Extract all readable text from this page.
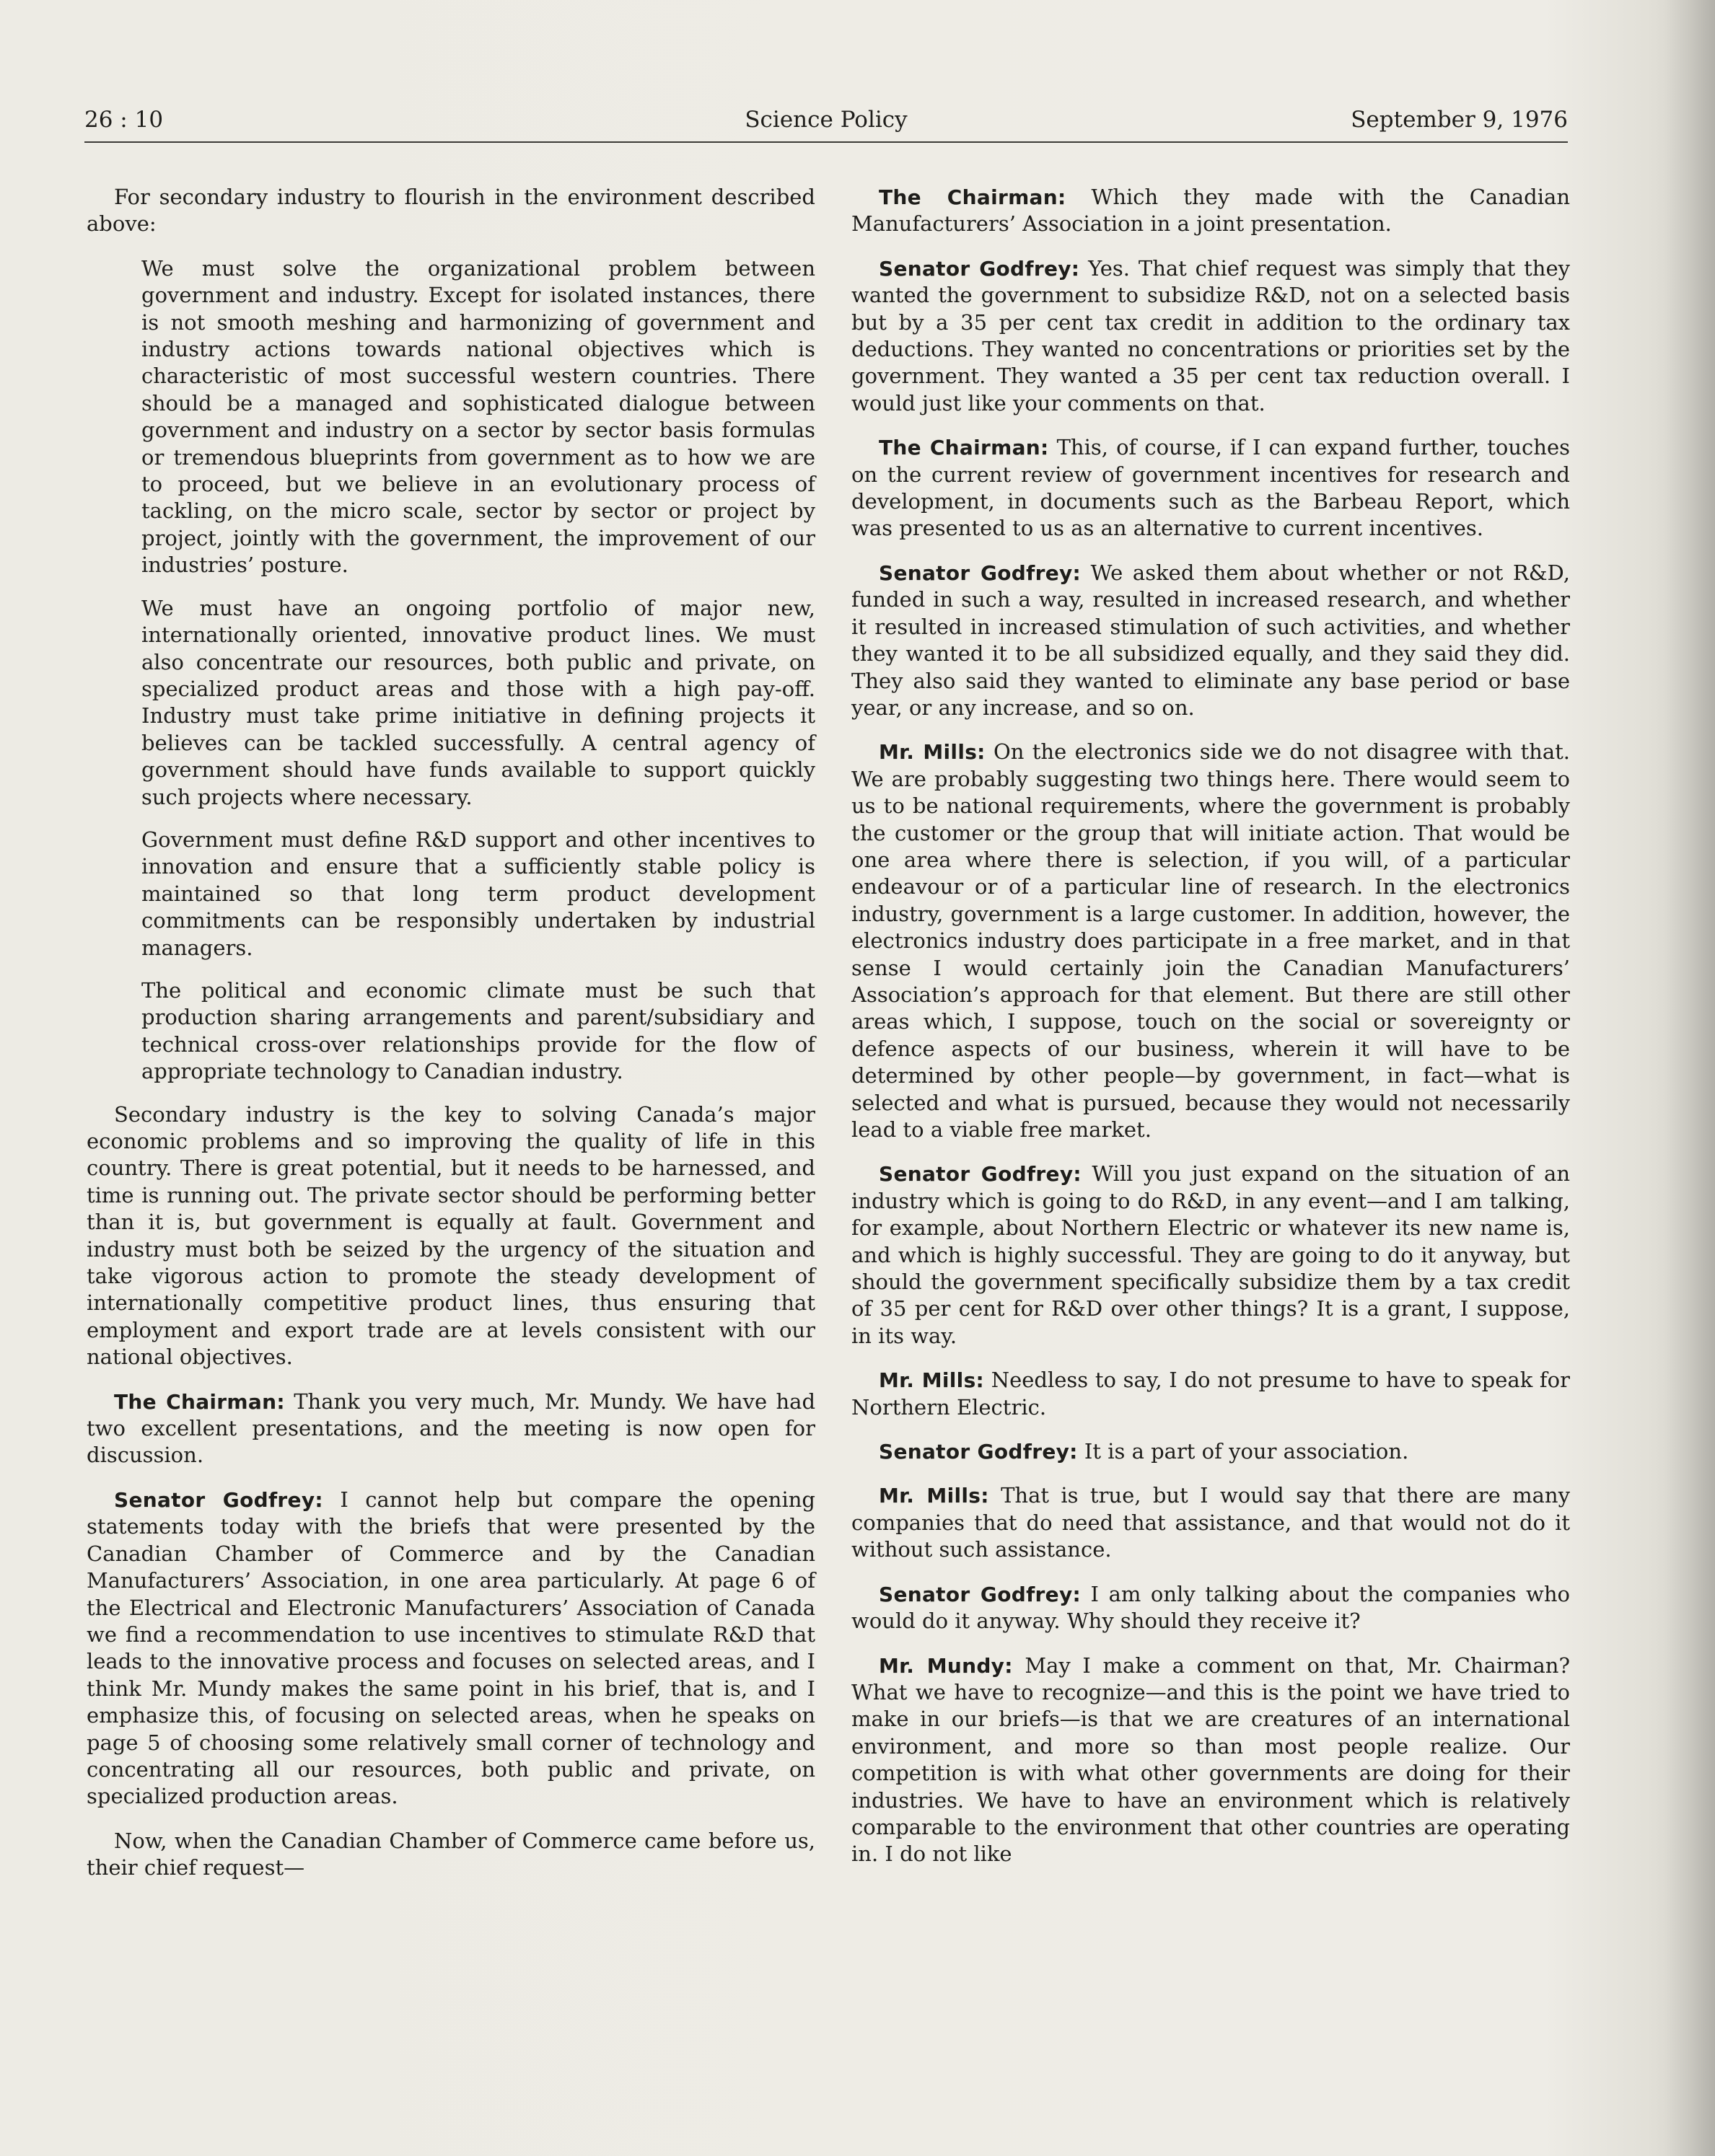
26 : 10	Science Policy	September 9, 1976

For secondary industry to flourish in the environment described above:

We must solve the organizational problem between government and industry. Except for isolated instances, there is not smooth meshing and harmonizing of government and industry actions towards national objectives which is characteristic of most successful western countries. There should be a managed and sophisticated dialogue between government and industry on a sector by sector basis formulas or tremendous blueprints from government as to how we are to proceed, but we believe in an evolutionary process of tackling, on the micro scale, sector by sector or project by project, jointly with the government, the improvement of our industries’ posture.

We must have an ongoing portfolio of major new, internationally oriented, innovative product lines. We must also concentrate our resources, both public and private, on specialized product areas and those with a high pay-off. Industry must take prime initiative in defining projects it believes can be tackled successfully. A central agency of government should have funds available to support quickly such projects where necessary.

Government must define R&D support and other incentives to innovation and ensure that a sufficiently stable policy is maintained so that long term product development commitments can be responsibly undertaken by industrial managers.

The political and economic climate must be such that production sharing arrangements and parent/subsidiary and technical cross-over relationships provide for the flow of appropriate technology to Canadian industry.

Secondary industry is the key to solving Canada’s major economic problems and so improving the quality of life in this country. There is great potential, but it needs to be harnessed, and time is running out. The private sector should be performing better than it is, but government is equally at fault. Government and industry must both be seized by the urgency of the situation and take vigorous action to promote the steady development of internationally competitive product lines, thus ensuring that employment and export trade are at levels consistent with our national objectives.

The Chairman: Thank you very much, Mr. Mundy. We have had two excellent presentations, and the meeting is now open for discussion.

Senator Godfrey: I cannot help but compare the opening statements today with the briefs that were presented by the Canadian Chamber of Commerce and by the Canadian Manufacturers’ Association, in one area particularly. At page 6 of the Electrical and Electronic Manufacturers’ Association of Canada we find a recommendation to use incentives to stimulate R&D that leads to the innovative process and focuses on selected areas, and I think Mr. Mundy makes the same point in his brief, that is, and I emphasize this, of focusing on selected areas, when he speaks on page 5 of choosing some relatively small corner of technology and concentrating all our resources, both public and private, on specialized production areas.

Now, when the Canadian Chamber of Commerce came before us, their chief request—

The Chairman: Which they made with the Canadian Manufacturers’ Association in a joint presentation.

Senator Godfrey: Yes. That chief request was simply that they wanted the government to subsidize R&D, not on a selected basis but by a 35 per cent tax credit in addition to the ordinary tax deductions. They wanted no concentrations or priorities set by the government. They wanted a 35 per cent tax reduction overall. I would just like your comments on that.

The Chairman: This, of course, if I can expand further, touches on the current review of government incentives for research and development, in documents such as the Barbeau Report, which was presented to us as an alternative to current incentives.

Senator Godfrey: We asked them about whether or not R&D, funded in such a way, resulted in increased research, and whether it resulted in increased stimulation of such activities, and whether they wanted it to be all subsidized equally, and they said they did. They also said they wanted to eliminate any base period or base year, or any increase, and so on.

Mr. Mills: On the electronics side we do not disagree with that. We are probably suggesting two things here. There would seem to us to be national requirements, where the government is probably the customer or the group that will initiate action. That would be one area where there is selection, if you will, of a particular endeavour or of a particular line of research. In the electronics industry, government is a large customer. In addition, however, the electronics industry does participate in a free market, and in that sense I would certainly join the Canadian Manufacturers’ Association’s approach for that element. But there are still other areas which, I suppose, touch on the social or sovereignty or defence aspects of our business, wherein it will have to be determined by other people—by government, in fact—what is selected and what is pursued, because they would not necessarily lead to a viable free market.

Senator Godfrey: Will you just expand on the situation of an industry which is going to do R&D, in any event—and I am talking, for example, about Northern Electric or whatever its new name is, and which is highly successful. They are going to do it anyway, but should the government specifically subsidize them by a tax credit of 35 per cent for R&D over other things? It is a grant, I suppose, in its way.

Mr. Mills: Needless to say, I do not presume to have to speak for Northern Electric.

Senator Godfrey: It is a part of your association.

Mr. Mills: That is true, but I would say that there are many companies that do need that assistance, and that would not do it without such assistance.

Senator Godfrey: I am only talking about the companies who would do it anyway. Why should they receive it?

Mr. Mundy: May I make a comment on that, Mr. Chairman? What we have to recognize—and this is the point we have tried to make in our briefs—is that we are creatures of an international environment, and more so than most people realize. Our competition is with what other governments are doing for their industries. We have to have an environment which is relatively comparable to the environment that other countries are operating in. I do not like
